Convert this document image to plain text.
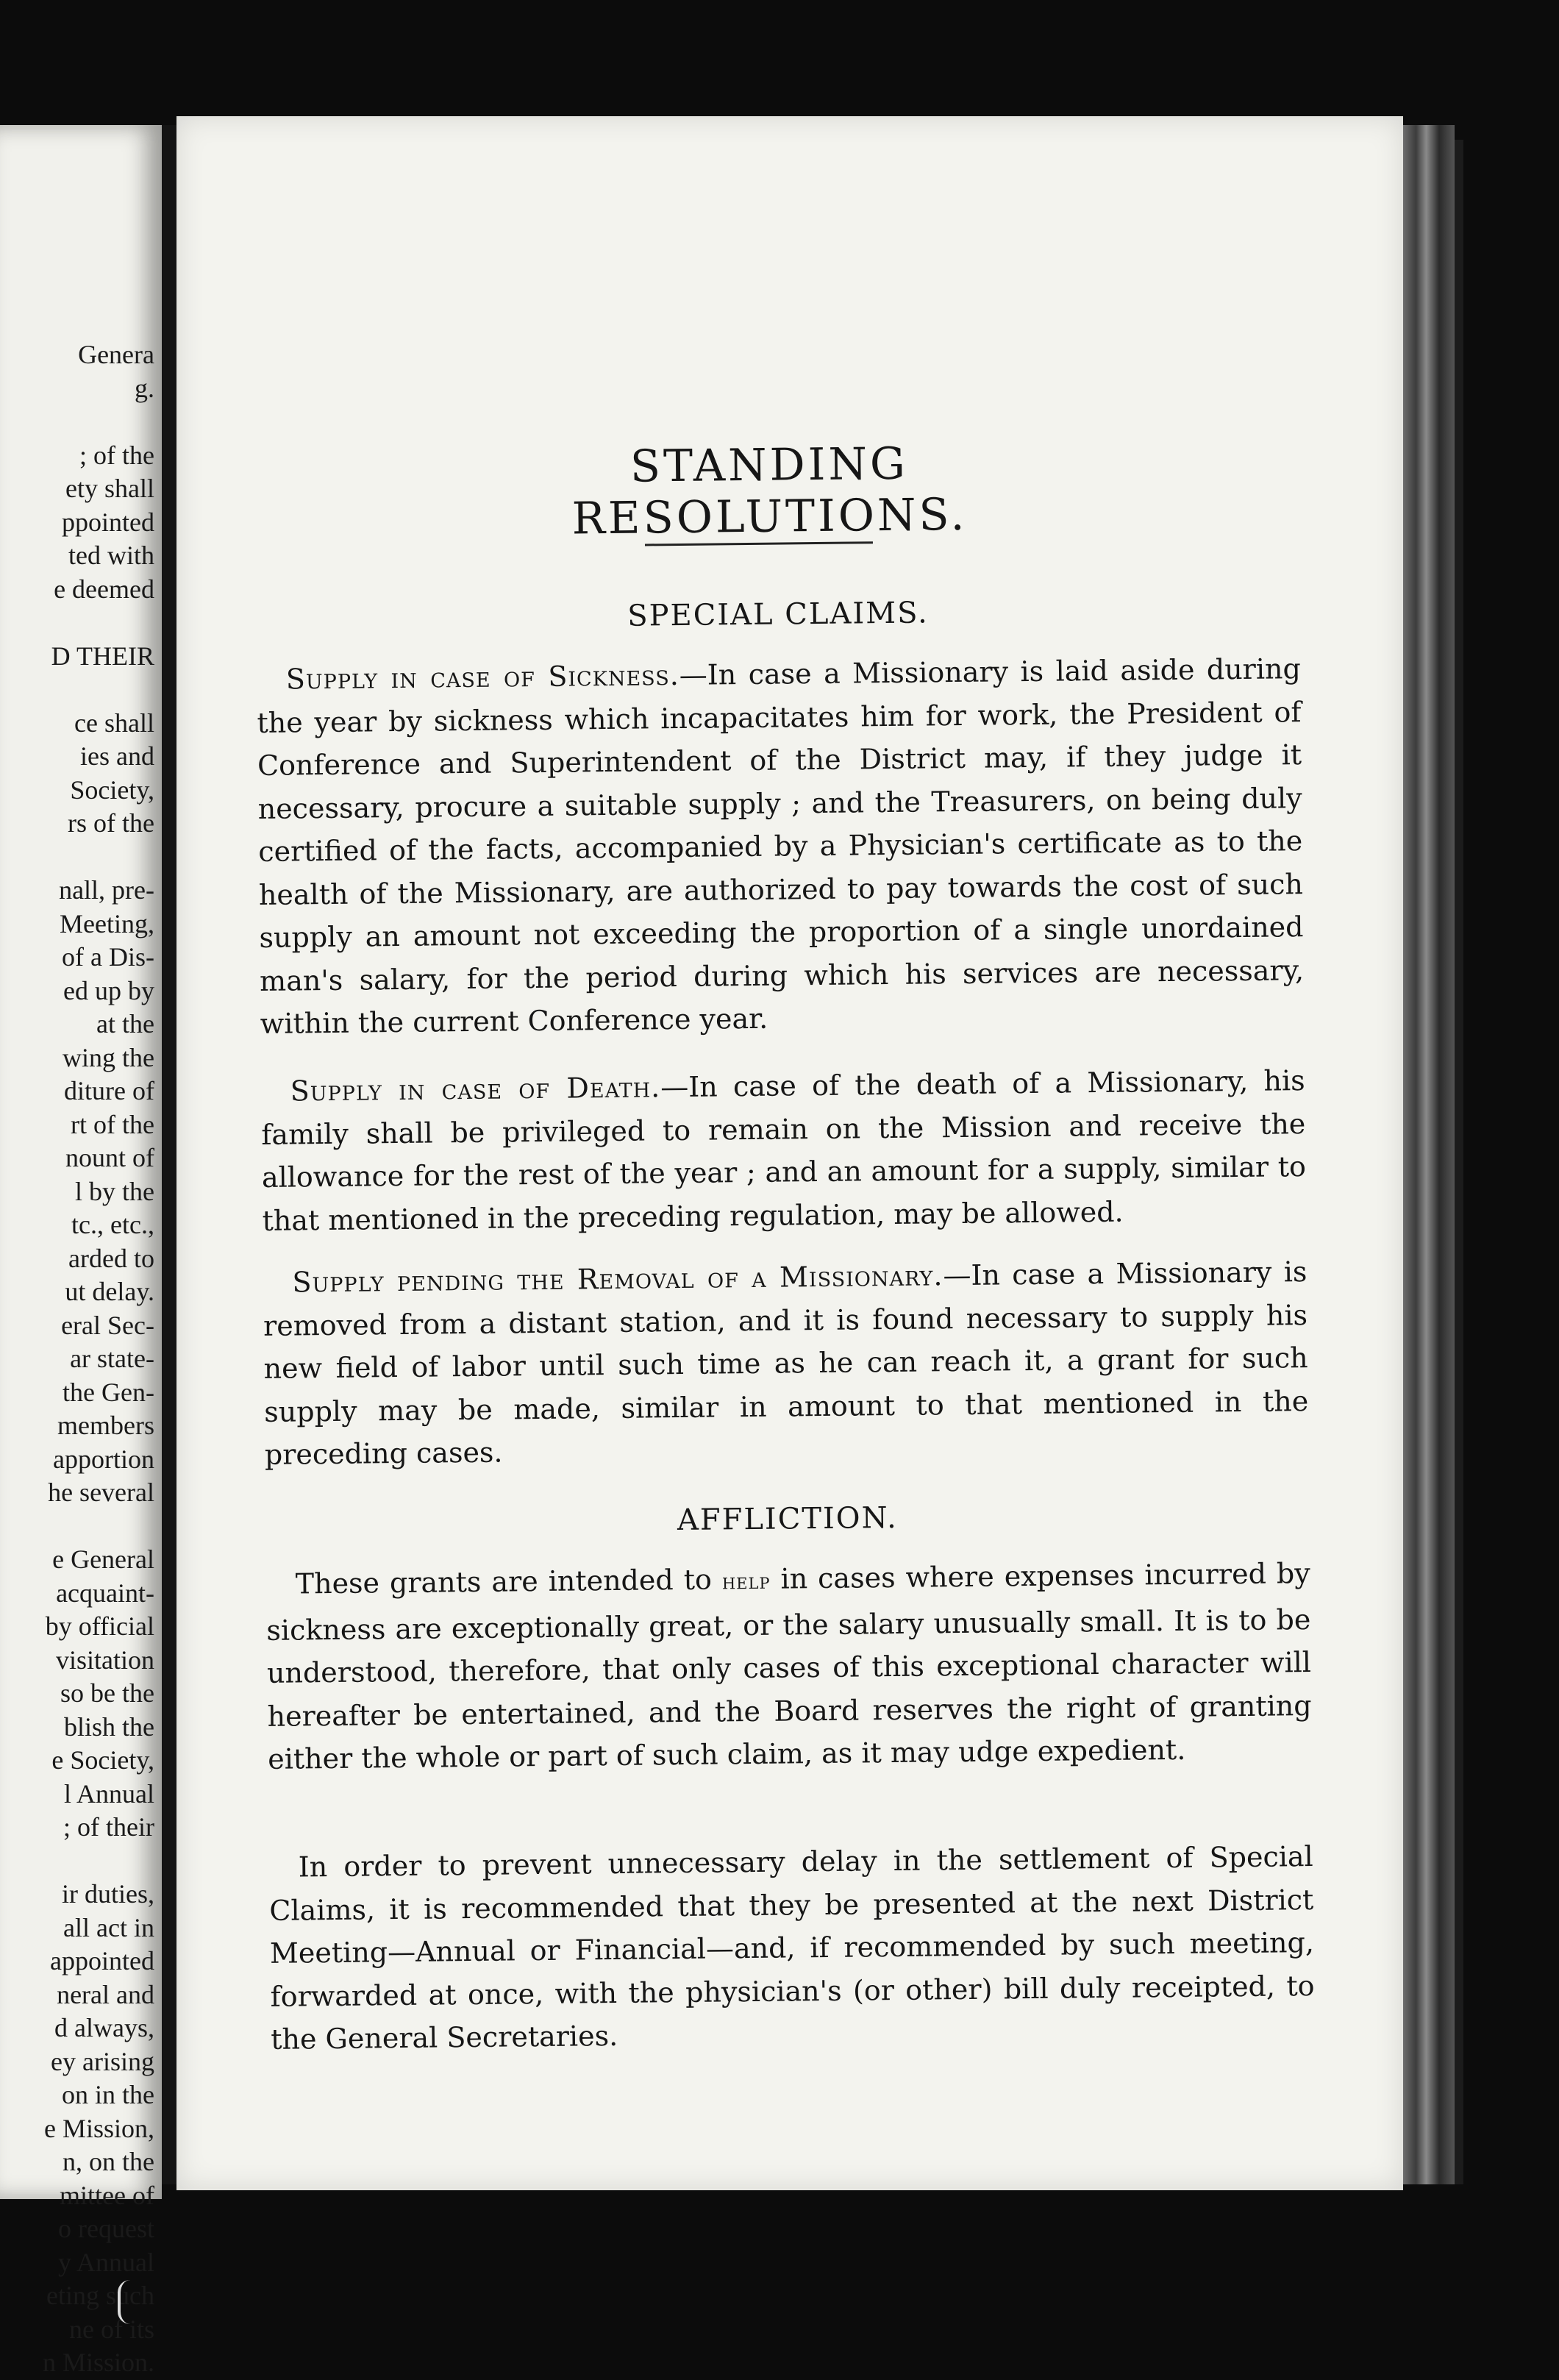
Genera
g.

; of the
ety shall
ppointed
ted with
e deemed

D THEIR

ce shall
ies and
Society,
rs of the

nall, pre-
Meeting,
of a Dis-
ed up by
at the
wing the
diture of
rt of the
nount of
l by the
tc., etc.,
arded to
ut delay.
eral Sec-
ar state-
the Gen-
members
apportion
he several

e General
acquaint-
by official
visitation
so be the
blish the
e Society,
l Annual
; of their

ir duties,
all act in
appointed
neral and
d always,
ey arising
on in the
e Mission,
n, on the
mittee of
o request
y Annual
eting such
ne of its
n Mission.
STANDING RESOLUTIONS.
SPECIAL CLAIMS.

Supply in case of Sickness.—In case a Missionary is laid aside during the year by sickness which incapacitates him for work, the President of Conference and Superintendent of the District may, if they judge it necessary, procure a suitable supply ; and the Treasurers, on being duly certified of the facts, accompanied by a Physician's certificate as to the health of the Missionary, are authorized to pay towards the cost of such supply an amount not exceeding the proportion of a single unordained man's salary, for the period during which his services are necessary, within the current Conference year.

Supply in case of Death.—In case of the death of a Missionary, his family shall be privileged to remain on the Mission and receive the allowance for the rest of the year ; and an amount for a supply, similar to that mentioned in the preceding regulation, may be allowed.

Supply pending the Removal of a Missionary.—In case a Missionary is removed from a distant station, and it is found necessary to supply his new field of labor until such time as he can reach it, a grant for such supply may be made, similar in amount to that mentioned in the preceding cases.

AFFLICTION.

These grants are intended to help in cases where expenses incurred by sickness are exceptionally great, or the salary unusually small. It is to be understood, therefore, that only cases of this exceptional character will hereafter be entertained, and the Board reserves the right of granting either the whole or part of such claim, as it may udge expedient.

In order to prevent unnecessary delay in the settlement of Special Claims, it is recommended that they be presented at the next District Meeting—Annual or Financial—and, if recommended by such meeting, forwarded at once, with the physician's (or other) bill duly receipted, to the General Secretaries.
